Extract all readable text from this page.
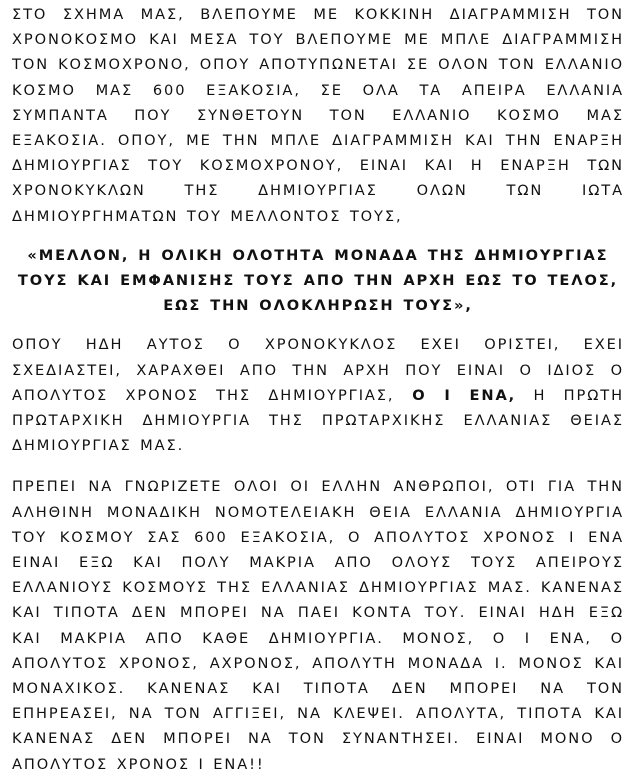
ΣΤΟ ΣΧΗΜΑ ΜΑΣ, ΒΛΕΠΟΥΜΕ ΜΕ ΚΟΚΚΙΝΗ ΔΙΑΓΡΑΜΜΙΣΗ ΤΟΝ ΧΡΟΝΟΚΟΣΜΟ ΚΑΙ ΜΕΣΑ ΤΟΥ ΒΛΕΠΟΥΜΕ ΜΕ ΜΠΛΕ ΔΙΑΓΡΑΜΜΙΣΗ ΤΟΝ ΚΟΣΜΟΧΡΟΝΟ, ΟΠΟΥ ΑΠΟΤΥΠΩΝΕΤΑΙ ΣΕ ΟΛΟΝ ΤΟΝ ΕΛΛΑΝΙΟ ΚΟΣΜΟ ΜΑΣ 600 ΕΞΑΚΟΣΙΑ, ΣΕ ΟΛΑ ΤΑ ΑΠΕΙΡΑ ΕΛΛΑΝΙΑ ΣΥΜΠΑΝΤΑ ΠΟΥ ΣΥΝΘΕΤΟΥΝ ΤΟΝ ΕΛΛΑΝΙΟ ΚΟΣΜΟ ΜΑΣ ΕΞΑΚΟΣΙΑ. ΟΠΟΥ, ΜΕ ΤΗΝ ΜΠΛΕ ΔΙΑΓΡΑΜΜΙΣΗ ΚΑΙ ΤΗΝ ΕΝΑΡΞΗ ΔΗΜΙΟΥΡΓΙΑΣ ΤΟΥ ΚΟΣΜΟΧΡΟΝΟΥ, ΕΙΝΑΙ ΚΑΙ Η ΕΝΑΡΞΗ ΤΩΝ ΧΡΟΝΟΚΥΚΛΩΝ ΤΗΣ ΔΗΜΙΟΥΡΓΙΑΣ ΟΛΩΝ ΤΩΝ ΙΩΤΑ ΔΗΜΙΟΥΡΓΗΜΑΤΩΝ ΤΟΥ ΜΕΛΛΟΝΤΟΣ ΤΟΥΣ,

«ΜΕΛΛΟΝ, Η ΟΛΙΚΗ ΟΛΟΤΗΤΑ ΜΟΝΑΔΑ ΤΗΣ ΔΗΜΙΟΥΡΓΙΑΣ ΤΟΥΣ ΚΑΙ ΕΜΦΑΝΙΣΗΣ ΤΟΥΣ ΑΠΟ ΤΗΝ ΑΡΧΗ ΕΩΣ ΤΟ ΤΕΛΟΣ, ΕΩΣ ΤΗΝ ΟΛΟΚΛΗΡΩΣΗ ΤΟΥΣ»,

ΟΠΟΥ ΗΔΗ ΑΥΤΟΣ Ο ΧΡΟΝΟΚΥΚΛΟΣ ΕΧΕΙ ΟΡΙΣΤΕΙ, ΕΧΕΙ ΣΧΕΔΙΑΣΤΕΙ, ΧΑΡΑΧΘΕΙ ΑΠΟ ΤΗΝ ΑΡΧΗ ΠΟΥ ΕΙΝΑΙ Ο ΙΔΙΟΣ Ο ΑΠΟΛΥΤΟΣ ΧΡΟΝΟΣ ΤΗΣ ΔΗΜΙΟΥΡΓΙΑΣ, Ο Ι ΕΝΑ, Η ΠΡΩΤΗ ΠΡΩΤΑΡΧΙΚΗ ΔΗΜΙΟΥΡΓΙΑ ΤΗΣ ΠΡΩΤΑΡΧΙΚΗΣ ΕΛΛΑΝΙΑΣ ΘΕΙΑΣ ΔΗΜΙΟΥΡΓΙΑΣ ΜΑΣ.

ΠΡΕΠΕΙ ΝΑ ΓΝΩΡΙΖΕΤΕ ΟΛΟΙ ΟΙ ΕΛΛΗΝ ΑΝΘΡΩΠΟΙ, ΟΤΙ ΓΙΑ ΤΗΝ ΑΛΗΘΙΝΗ ΜΟΝΑΔΙΚΗ ΝΟΜΟΤΕΛΕΙΑΚΗ ΘΕΙΑ ΕΛΛΑΝΙΑ ΔΗΜΙΟΥΡΓΙΑ ΤΟΥ ΚΟΣΜΟΥ ΣΑΣ 600 ΕΞΑΚΟΣΙΑ, Ο ΑΠΟΛΥΤΟΣ ΧΡΟΝΟΣ Ι ΕΝΑ ΕΙΝΑΙ ΕΞΩ ΚΑΙ ΠΟΛΥ ΜΑΚΡΙΑ ΑΠΟ ΟΛΟΥΣ ΤΟΥΣ ΑΠΕΙΡΟΥΣ ΕΛΛΑΝΙΟΥΣ ΚΟΣΜΟΥΣ ΤΗΣ ΕΛΛΑΝΙΑΣ ΔΗΜΙΟΥΡΓΙΑΣ ΜΑΣ. ΚΑΝΕΝΑΣ ΚΑΙ ΤΙΠΟΤΑ ΔΕΝ ΜΠΟΡΕΙ ΝΑ ΠΑΕΙ ΚΟΝΤΑ ΤΟΥ. ΕΙΝΑΙ ΗΔΗ ΕΞΩ ΚΑΙ ΜΑΚΡΙΑ ΑΠΟ ΚΑΘΕ ΔΗΜΙΟΥΡΓΙΑ. ΜΟΝΟΣ, Ο Ι ΕΝΑ, Ο ΑΠΟΛΥΤΟΣ ΧΡΟΝΟΣ, ΑΧΡΟΝΟΣ, ΑΠΟΛΥΤΗ ΜΟΝΑΔΑ Ι. ΜΟΝΟΣ ΚΑΙ ΜΟΝΑΧΙΚΟΣ. ΚΑΝΕΝΑΣ ΚΑΙ ΤΙΠΟΤΑ ΔΕΝ ΜΠΟΡΕΙ ΝΑ ΤΟΝ ΕΠΗΡΕΑΣΕΙ, ΝΑ ΤΟΝ ΑΓΓΙΞΕΙ, ΝΑ ΚΛΕΨΕΙ. ΑΠΟΛΥΤΑ, ΤΙΠΟΤΑ ΚΑΙ ΚΑΝΕΝΑΣ ΔΕΝ ΜΠΟΡΕΙ ΝΑ ΤΟΝ ΣΥΝΑΝΤΗΣΕΙ. ΕΙΝΑΙ ΜΟΝΟ Ο ΑΠΟΛΥΤΟΣ ΧΡΟΝΟΣ Ι ΕΝΑ!!
